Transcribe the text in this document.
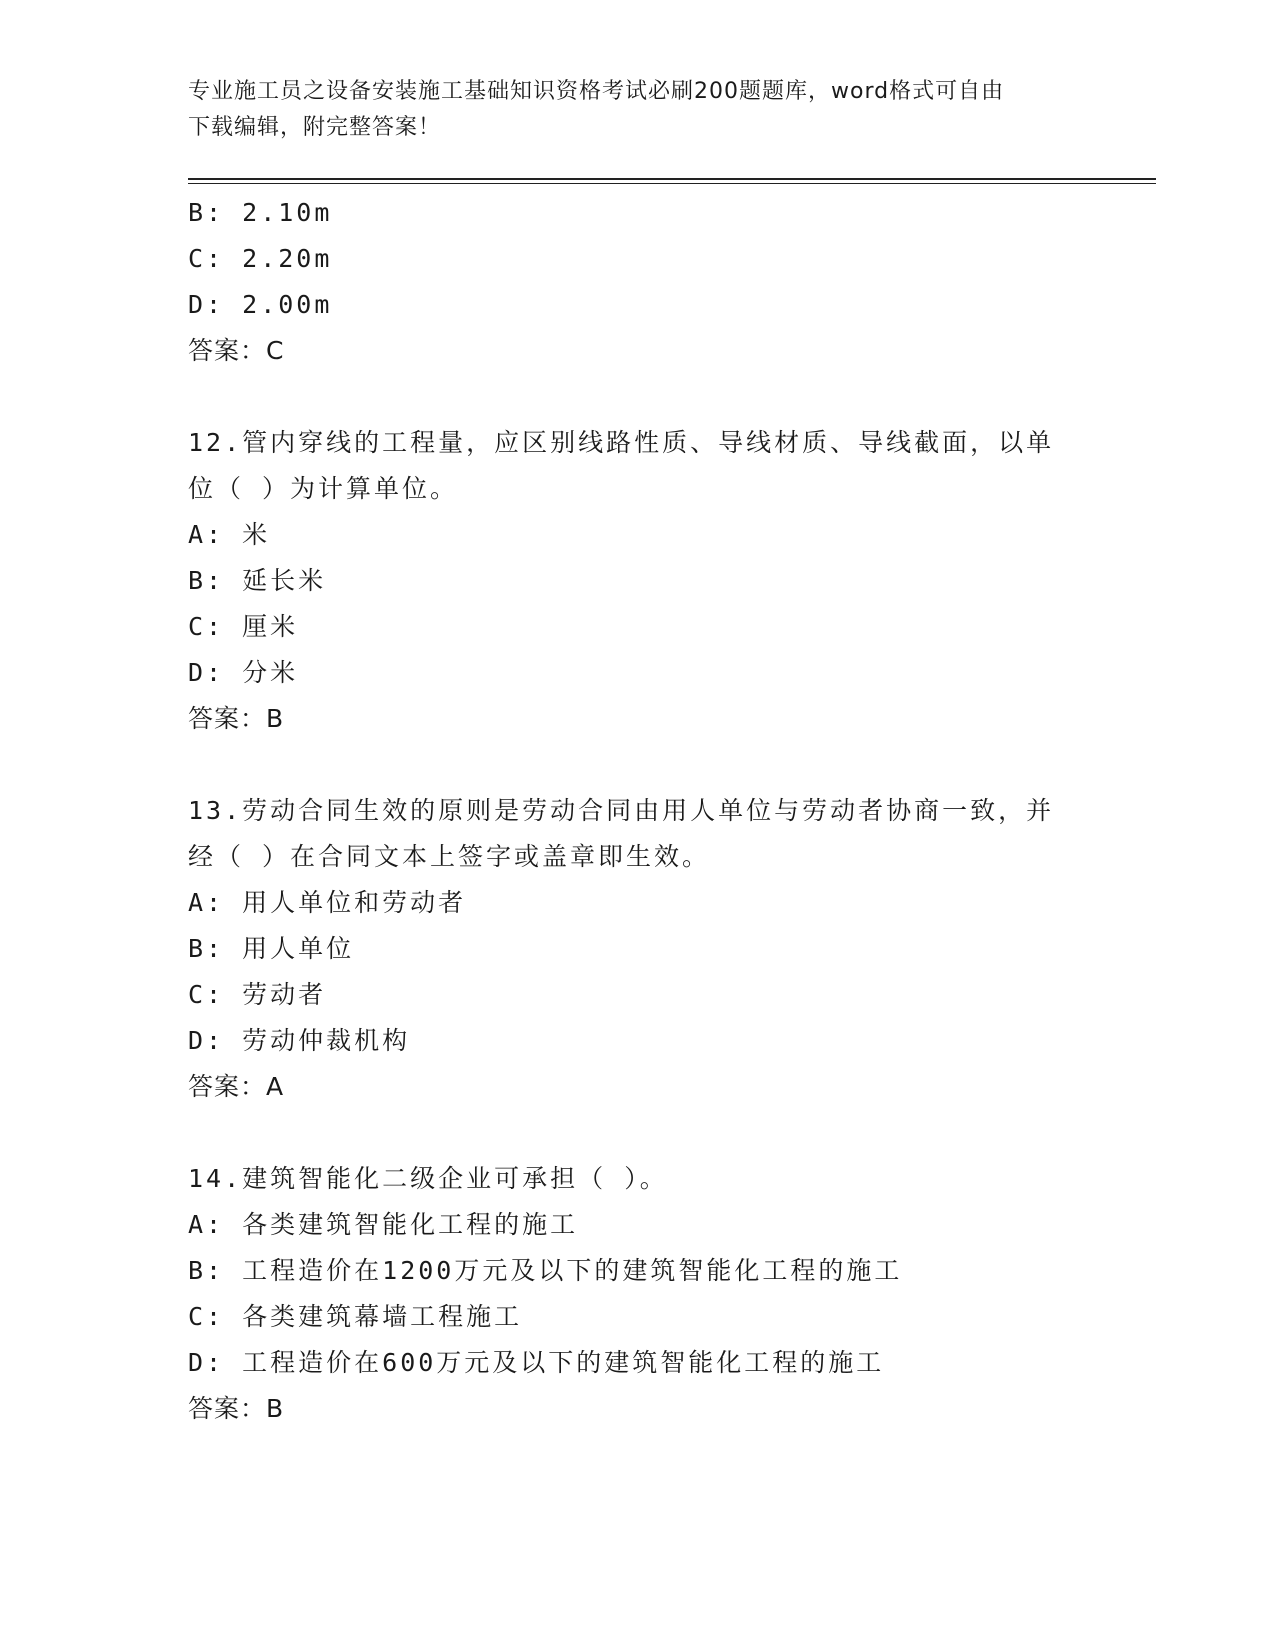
专业施工员之设备安装施工基础知识资格考试必刷200题题库，word格式可自由
下载编辑，附完整答案！
B: 2.10m
C: 2.20m
D: 2.00m
答案：C
12.管内穿线的工程量，应区别线路性质、导线材质、导线截面，以单
位（ ）为计算单位。
A: 米
B: 延长米
C: 厘米
D: 分米
答案：B
13.劳动合同生效的原则是劳动合同由用人单位与劳动者协商一致，并
经（ ）在合同文本上签字或盖章即生效。
A: 用人单位和劳动者
B: 用人单位
C: 劳动者
D: 劳动仲裁机构
答案：A
14.建筑智能化二级企业可承担（ ）。
A: 各类建筑智能化工程的施工
B: 工程造价在1200万元及以下的建筑智能化工程的施工
C: 各类建筑幕墙工程施工
D: 工程造价在600万元及以下的建筑智能化工程的施工
答案：B
